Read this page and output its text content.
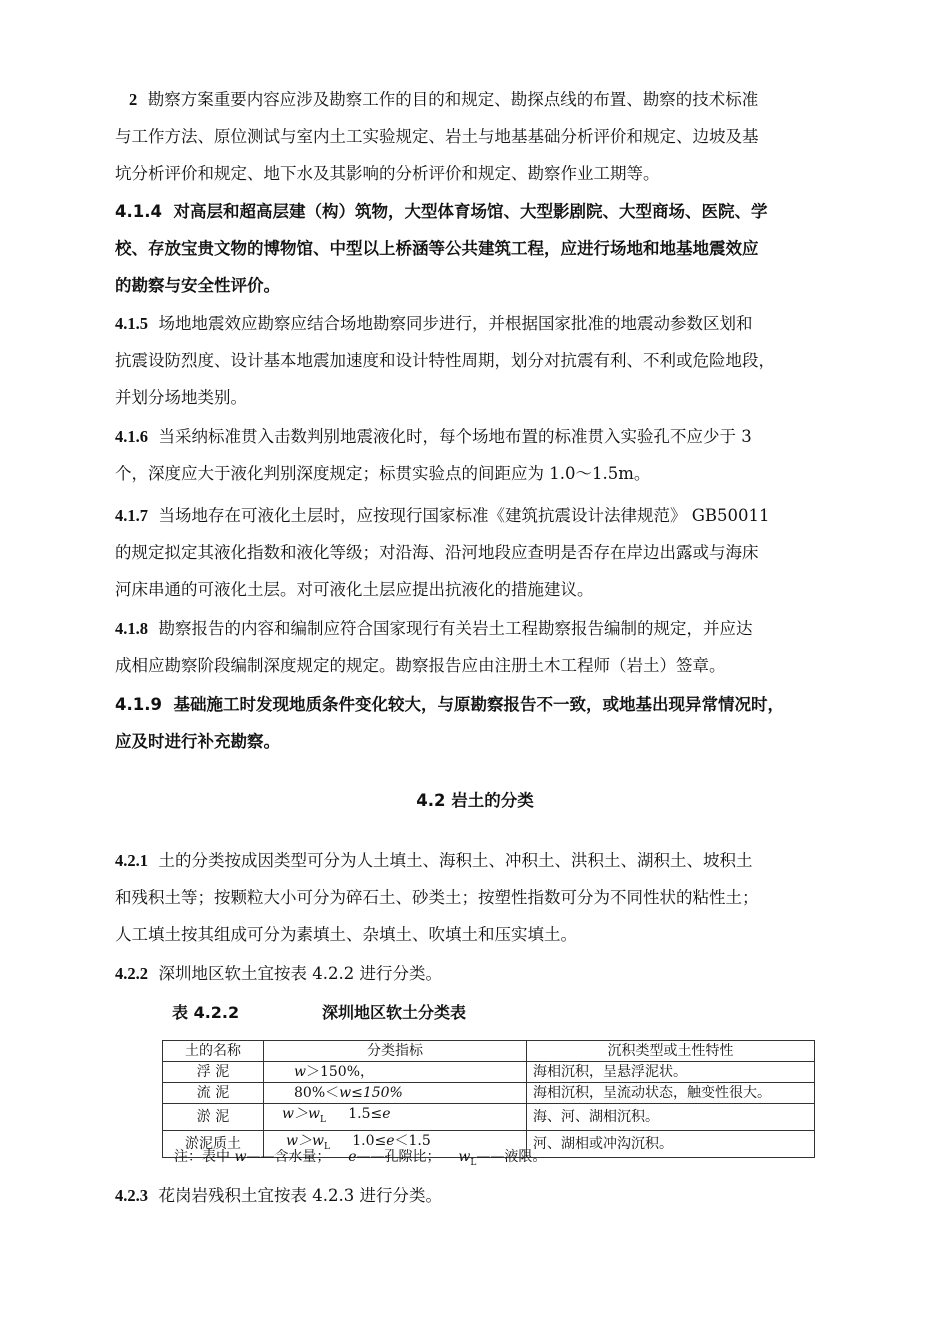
2 勘察方案重要内容应涉及勘察工作的目的和规定、勘探点线的布置、勘察的技术标准
与工作方法、原位测试与室内土工实验规定、岩土与地基基础分析评价和规定、边坡及基
坑分析评价和规定、地下水及其影响的分析评价和规定、勘察作业工期等。
4.1.4 对高层和超高层建（构）筑物，大型体育场馆、大型影剧院、大型商场、医院、学
校、存放宝贵文物的博物馆、中型以上桥涵等公共建筑工程，应进行场地和地基地震效应
的勘察与安全性评价。
4.1.5 场地地震效应勘察应结合场地勘察同步进行，并根据国家批准的地震动参数区划和
抗震设防烈度、设计基本地震加速度和设计特性周期，划分对抗震有利、不利或危险地段，
并划分场地类别。
4.1.6 当采纳标准贯入击数判别地震液化时，每个场地布置的标准贯入实验孔不应少于 3
个，深度应大于液化判别深度规定；标贯实验点的间距应为 1.0～1.5m。
4.1.7 当场地存在可液化土层时，应按现行国家标准《建筑抗震设计法律规范》 GB50011
的规定拟定其液化指数和液化等级；对沿海、沿河地段应查明是否存在岸边出露或与海床
河床串通的可液化土层。对可液化土层应提出抗液化的措施建议。
4.1.8 勘察报告的内容和编制应符合国家现行有关岩土工程勘察报告编制的规定，并应达
成相应勘察阶段编制深度规定的规定。勘察报告应由注册土木工程师（岩土）签章。
4.1.9 基础施工时发现地质条件变化较大，与原勘察报告不一致，或地基出现异常情况时，
应及时进行补充勘察。
4.2 岩土的分类
4.2.1 土的分类按成因类型可分为人土填土、海积土、冲积土、洪积土、湖积土、坡积土
和残积土等；按颗粒大小可分为碎石土、砂类土；按塑性指数可分为不同性状的粘性土；
人工填土按其组成可分为素填土、杂填土、吹填土和压实填土。
4.2.2 深圳地区软土宜按表 4.2.2 进行分类。
表 4.2.2	深圳地区软土分类表
土的名称	分类指标	沉积类型或土性特性
浮 泥	w＞150%，	海相沉积，呈悬浮泥状。
流 泥	80%＜w≤150%	海相沉积，呈流动状态，触变性很大。
淤 泥	$w>w_L$ 1.5≤e	海、河、湖相沉积。
淤泥质土	$w>w_L$ 1.0≤e＜1.5	河、湖相或冲沟沉积。
注：表中 w——含水量； e——孔隙比； $w_L——$液限。
4.2.3 花岗岩残积土宜按表 4.2.3 进行分类。
